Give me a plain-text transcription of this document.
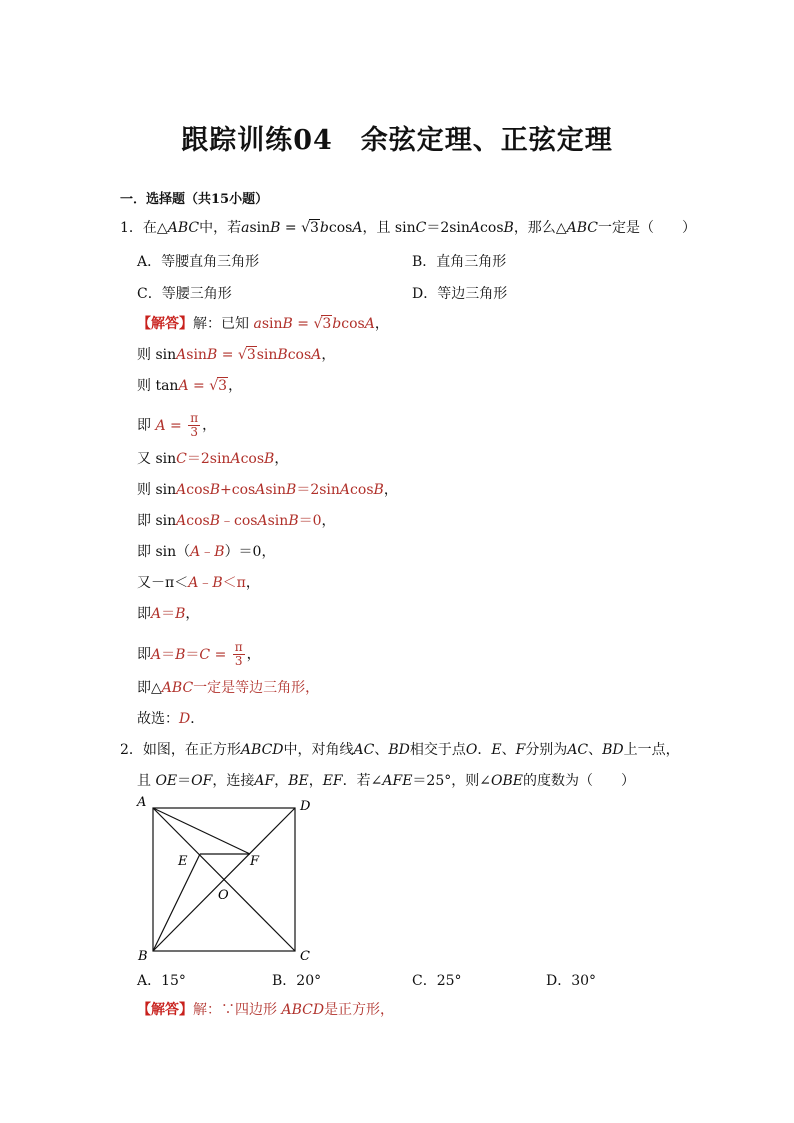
跟踪训练04　余弦定理、正弦定理
一．选择题（共15小题）
1．在△ABC中，若asinB = √3bcosA，且 sinC＝2sinAcosB，那么△ABC一定是（　　）
A．等腰直角三角形	B．直角三角形
C．等腰三角形	D．等边三角形
【解答】解：已知 asinB = √3bcosA，
则 sinAsinB = √3sinBcosA，
则 tanA = √3，
即 $A = \frac{\pi}{3}$ ，
又 sinC＝2sinAcosB，
则 sinAcosB+cosAsinB＝2sinAcosB，
即 sinAcosB﹣cosAsinB＝0，
即 sin（A﹣B）＝0，
又－π＜A﹣B＜π，
即A＝B，
即$A=B=C = \frac{\pi}{3}$ ，
即△ABC一定是等边三角形，
故选：D．
2．如图，在正方形ABCD中，对角线AC、BD相交于点O．E、F分别为AC、BD上一点，
且 OE＝OF，连接AF，BE，EF．若∠AFE＝25°，则∠OBE的度数为（　　）
A	D
E	F
O
B	C
A．15°	B．20°	C．25°	D．30°
【解答】解：∵四边形 ABCD是正方形，
